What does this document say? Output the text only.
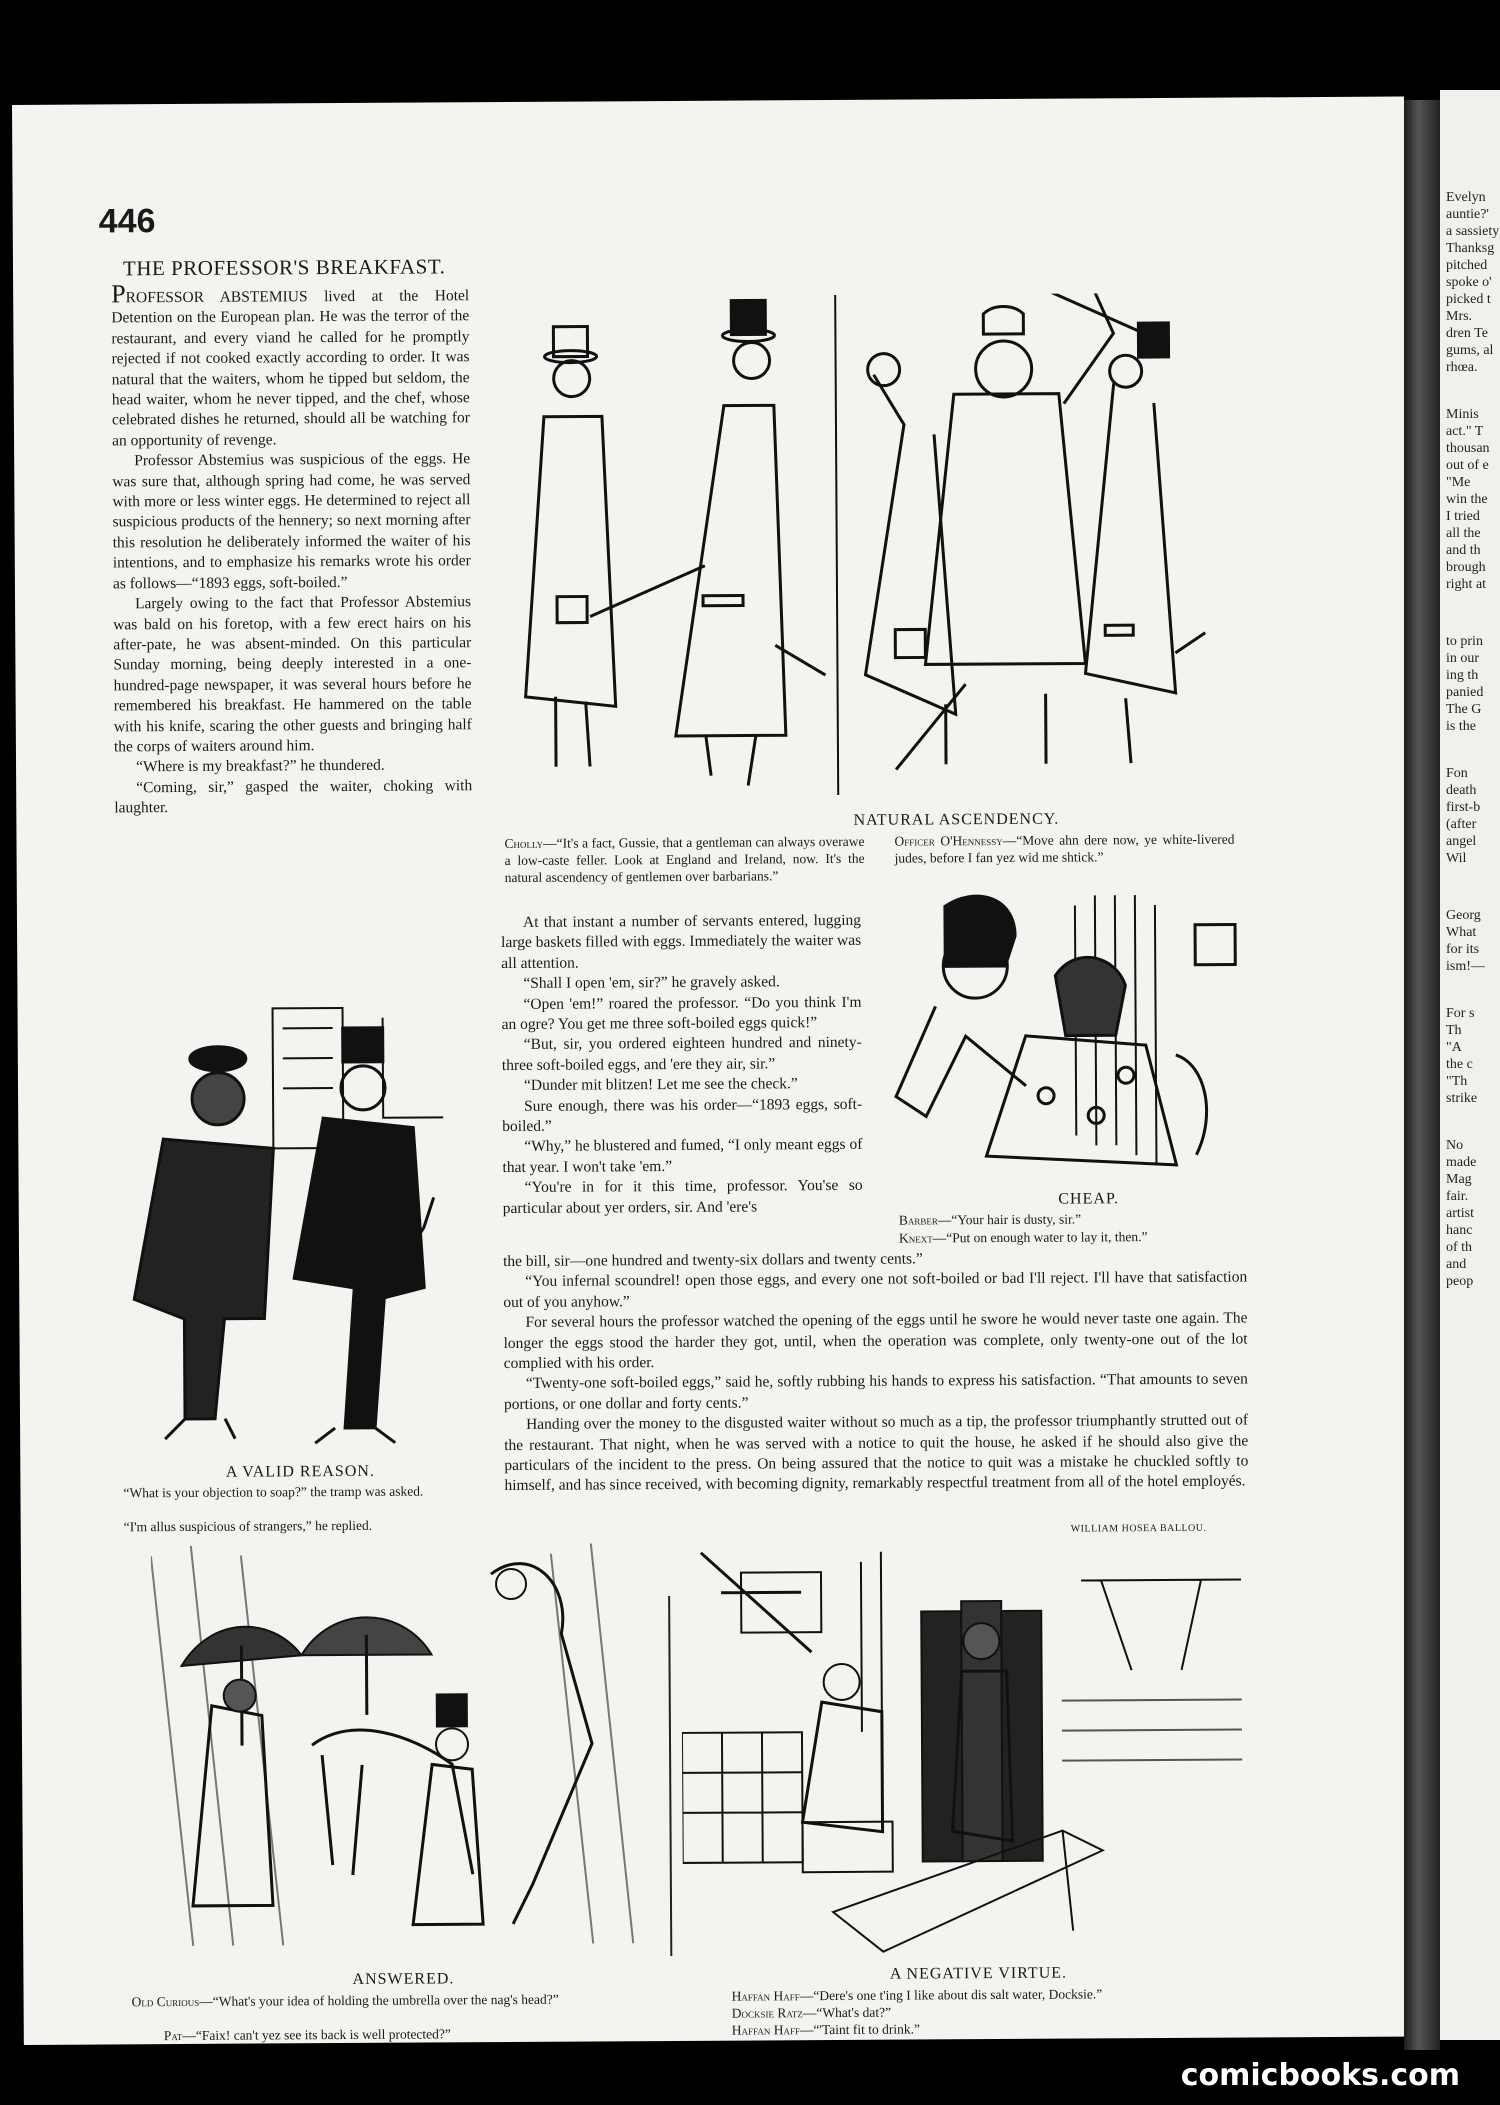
446
THE PROFESSOR'S BREAKFAST.

PROFESSOR ABSTEMIUS lived at the Hotel Detention on the European plan. He was the terror of the restaurant, and every viand he called for he promptly rejected if not cooked exactly according to order. It was natural that the waiters, whom he tipped but seldom, the head waiter, whom he never tipped, and the chef, whose celebrated dishes he returned, should all be watching for an opportunity of revenge.

Professor Abstemius was suspicious of the eggs. He was sure that, although spring had come, he was served with more or less winter eggs. He determined to reject all suspicious products of the hennery; so next morning after this resolution he deliberately informed the waiter of his intentions, and to emphasize his remarks wrote his order as follows—“1893 eggs, soft-boiled.”

Largely owing to the fact that Professor Abstemius was bald on his foretop, with a few erect hairs on his after-pate, he was absent-minded. On this particular Sunday morning, being deeply interested in a one-hundred-page newspaper, it was several hours before he remembered his breakfast. He hammered on the table with his knife, scaring the other guests and bringing half the corps of waiters around him.

“Where is my breakfast?” he thundered.

“Coming, sir,” gasped the waiter, choking with laughter.

NATURAL ASCENDENCY.
Cholly—“It's a fact, Gussie, that a gentleman can always overawe a low-caste feller. Look at England and Ireland, now. It's the natural ascendency of gentlemen over barbarians.”
Officer O'Hennessy—“Move ahn dere now, ye white-livered judes, before I fan yez wid me shtick.”

At that instant a number of servants entered, lugging large baskets filled with eggs. Immediately the waiter was all attention.

“Shall I open 'em, sir?” he gravely asked.

“Open 'em!” roared the professor. “Do you think I'm an ogre? You get me three soft-boiled eggs quick!”

“But, sir, you ordered eighteen hundred and ninety-three soft-boiled eggs, and 'ere they air, sir.”

“Dunder mit blitzen! Let me see the check.”

Sure enough, there was his order—“1893 eggs, soft-boiled.”

“Why,” he blustered and fumed, “I only meant eggs of that year. I won't take 'em.”

“You're in for it this time, professor. You'se so particular about yer orders, sir. And 'ere's	CHEAP.
Barber—“Your hair is dusty, sir.”
Knext—“Put on enough water to lay it, then.”
A VALID REASON.
“What is your objection to soap?” the tramp was asked.
“I'm allus suspicious of strangers,” he replied.

the bill, sir—one hundred and twenty-six dollars and twenty cents.”

“You infernal scoundrel! open those eggs, and every one not soft-boiled or bad I'll reject. I'll have that satisfaction out of you anyhow.”

For several hours the professor watched the opening of the eggs until he swore he would never taste one again. The longer the eggs stood the harder they got, until, when the operation was complete, only twenty-one out of the lot complied with his order.

“Twenty-one soft-boiled eggs,” said he, softly rubbing his hands to express his satisfaction. “That amounts to seven portions, or one dollar and forty cents.”

Handing over the money to the disgusted waiter without so much as a tip, the professor triumphantly strutted out of the restaurant. That night, when he was served with a notice to quit the house, he asked if he should also give the particulars of the incident to the press. On being assured that the notice to quit was a mistake he chuckled softly to himself, and has since received, with becoming dignity, remarkably respectful treatment from all of the hotel employés.

WILLIAM HOSEA BALLOU.
ANSWERED.
Old Curious—“What's your idea of holding the umbrella over the nag's head?”
Pat—“Faix! can't yez see its back is well protected?”
A NEGATIVE VIRTUE.
Haffan Haff—“Dere's one t'ing I like about dis salt water, Docksie.”
Docksie Ratz—“What's dat?”
Haffan Haff—“'Taint fit to drink.”
Evelyn
auntie?'
a sassiety
Thanksg
pitched
spoke o'
picked t
Mrs.
dren Te
gums, al
rhœa.
Minis
act." T
thousan
out of e
"Me
win the
I tried
all the
and th
brough
right at
to prin
in our
ing th
panied
The G
is the
Fon
death
first-b
(after
angel
Wil
Georg
What
for its
ism!—
For s
Th
"A
the c
"Th
strike
No
made
Mag
fair.
artist
hanc
of th
and
peop
comicbooks.com
